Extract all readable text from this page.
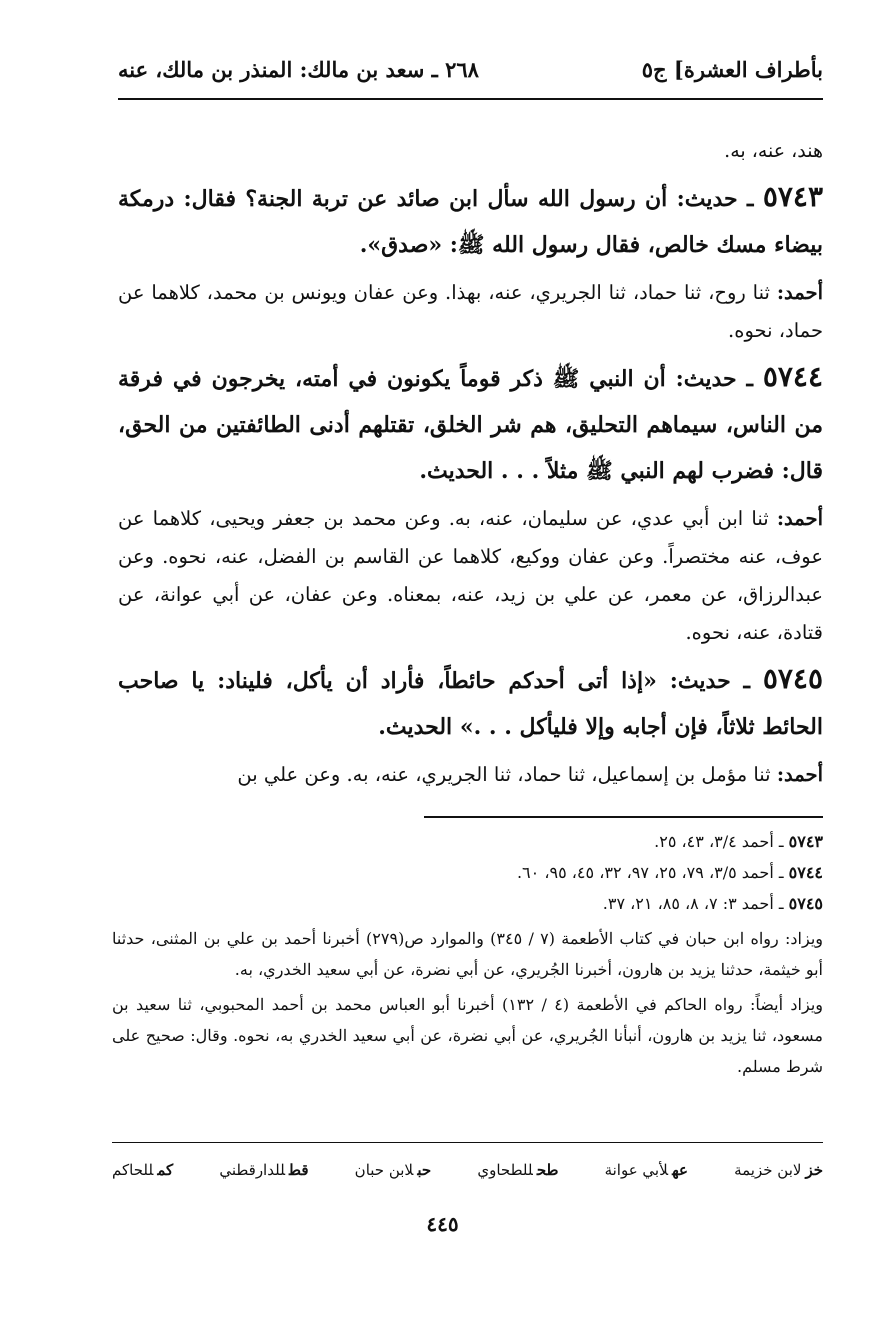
بأطراف العشرة] ج٥
٢٦٨ ـ سعد بن مالك: المنذر بن مالك، عنه

هند، عنه، به.

٥٧٤٣ ـ حديث: أن رسول الله سأل ابن صائد عن تربة الجنة؟ فقال: درمكة بيضاء مسك خالص، فقال رسول الله ﷺ: «صدق».

أحمد: ثنا روح، ثنا حماد، ثنا الجريري، عنه، بهذا. وعن عفان ويونس بن محمد، كلاهما عن حماد، نحوه.

٥٧٤٤ ـ حديث: أن النبي ﷺ ذكر قوماً يكونون في أمته، يخرجون في فرقة من الناس، سيماهم التحليق، هم شر الخلق، تقتلهم أدنى الطائفتين من الحق، قال: فضرب لهم النبي ﷺ مثلاً . . . الحديث.

أحمد: ثنا ابن أبي عدي، عن سليمان، عنه، به. وعن محمد بن جعفر ويحيى، كلاهما عن عوف، عنه مختصراً. وعن عفان ووكيع، كلاهما عن القاسم بن الفضل، عنه، نحوه. وعن عبدالرزاق، عن معمر، عن علي بن زيد، عنه، بمعناه. وعن عفان، عن أبي عوانة، عن قتادة، عنه، نحوه.

٥٧٤٥ ـ حديث: «إذا أتى أحدكم حائطاً، فأراد أن يأكل، فليناد: يا صاحب الحائط ثلاثاً، فإن أجابه وإلا فليأكل . . .» الحديث.

أحمد: ثنا مؤمل بن إسماعيل، ثنا حماد، ثنا الجريري، عنه، به. وعن علي بن

٥٧٤٣ ـ أحمد ٣/٤، ٤٣، ٢٥.

٥٧٤٤ ـ أحمد ٣/٥، ٧٩، ٢٥، ٩٧، ٣٢، ٤٥، ٩٥، ٦٠.

٥٧٤٥ ـ أحمد ٣: ٧، ٨، ٨٥، ٢١، ٣٧.

ويزاد: رواه ابن حبان في كتاب الأطعمة (٧ / ٣٤٥) والموارد ص(٢٧٩) أخبرنا أحمد بن علي بن المثنى، حدثنا أبو خيثمة، حدثنا يزيد بن هارون، أخبرنا الجُريري، عن أبي نضرة، عن أبي سعيد الخدري، به.

ويزاد أيضاً: رواه الحاكم في الأطعمة (٤ / ١٣٢) أخبرنا أبو العباس محمد بن أحمد المحبوبي، ثنا سعيد بن مسعود، ثنا يزيد بن هارون، أنبأنا الجُريري، عن أبي نضرة، عن أبي سعيد الخدري به، نحوه. وقال: صحيح على شرط مسلم.

خزلابن خزيمة
عهلأبي عوانة
طحللطحاوي
حبلابن حبان
قطللدارقطني
كمللحاكم
٤٤٥
